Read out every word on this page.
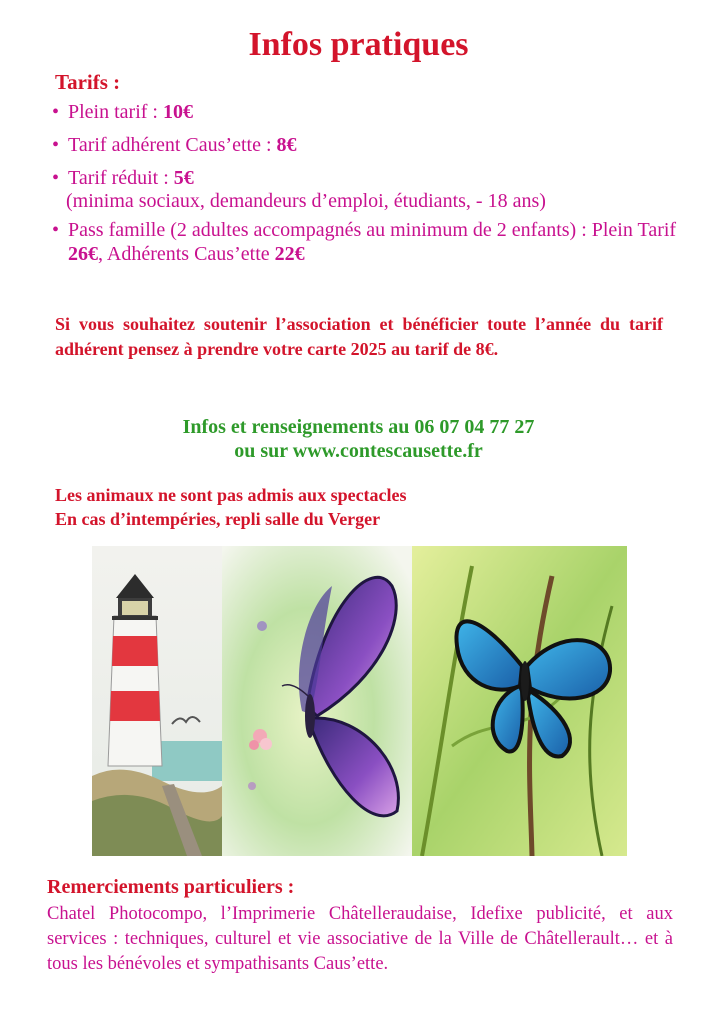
Infos pratiques
Tarifs :
• Plein tarif : 10€
• Tarif adhérent Caus’ette : 8€
• Tarif réduit : 5€
(minima sociaux, demandeurs d’emploi, étudiants, - 18 ans)
• Pass famille (2 adultes accompagnés au minimum de 2 enfants) : Plein Tarif 26€, Adhérents Caus’ette 22€

Si vous souhaitez soutenir l’association et bénéficier toute l’année du tarif adhérent pensez à prendre votre carte 2025 au tarif de 8€.

Infos et renseignements au 06 07 04 77 27
ou sur www.contescausette.fr
Les animaux ne sont pas admis aux spectacles
En cas d’intempéries, repli salle du Verger
Remerciements particuliers :

Chatel Photocompo, l’Imprimerie Châtelleraudaise, Idefixe publicité, et aux services : techniques, culturel et vie associative de la Ville de Châtellerault… et à tous les bénévoles et sympathisants Caus’ette.
